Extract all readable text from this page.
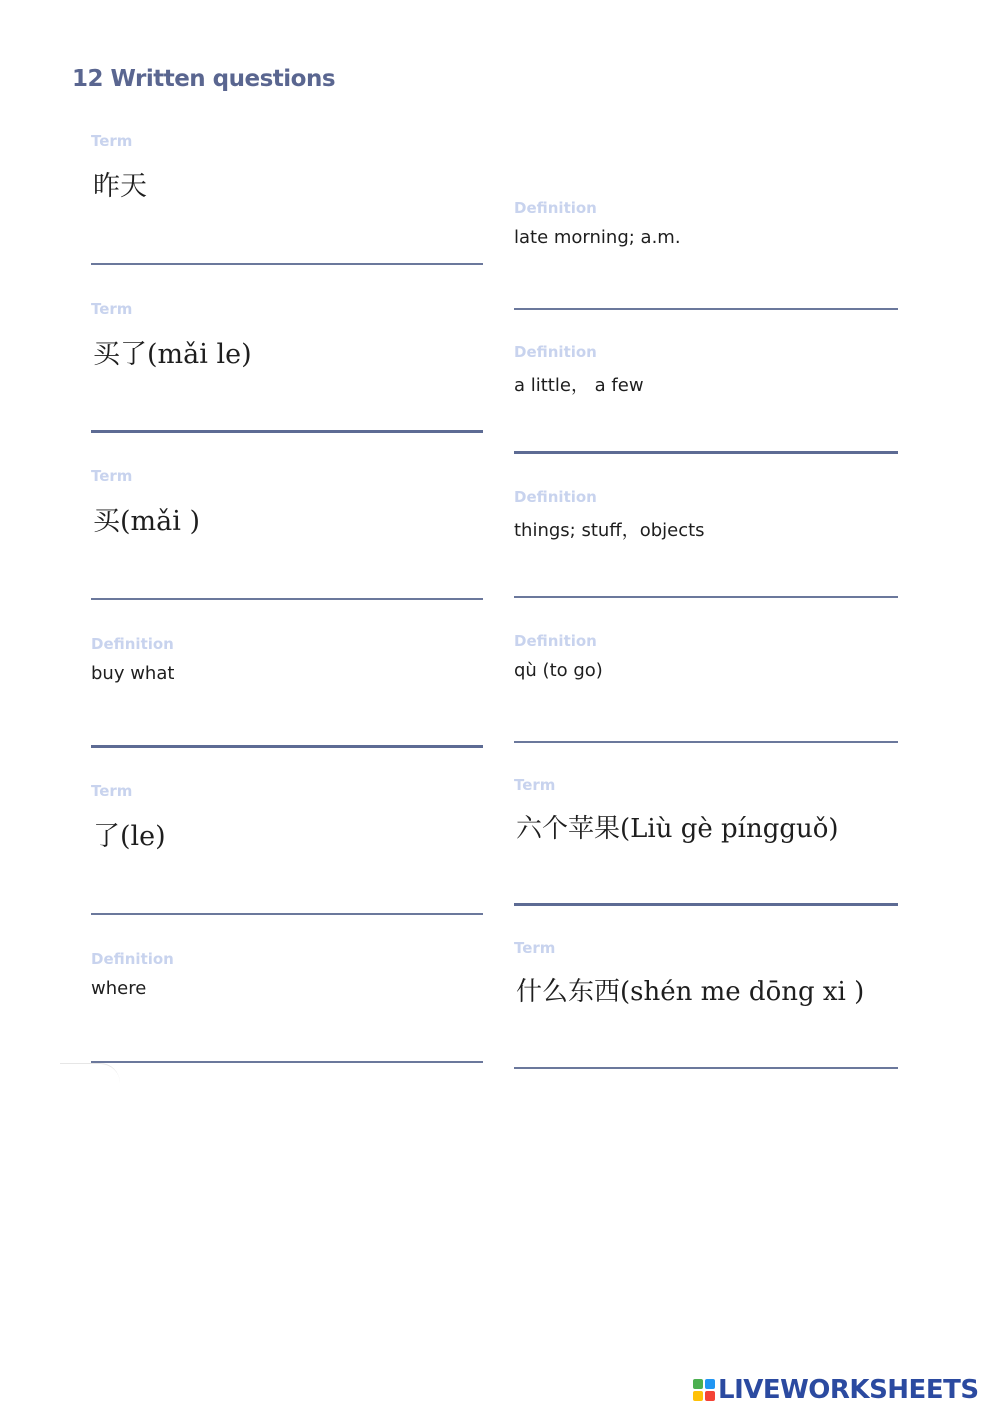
12 Written questions
Term
昨天
Term
买了(mǎi le)
Term
买(mǎi )
Definition
buy what
Term
了(le)
Definition
where
Definition
late morning; a.m.
Definition
a little， a few
Definition
things; stuff，objects
Definition
qù (to go)
Term
六个苹果(Liù gè píngguǒ)
Term
什么东西(shén me dōng xi )
LIVEWORKSHEETS
